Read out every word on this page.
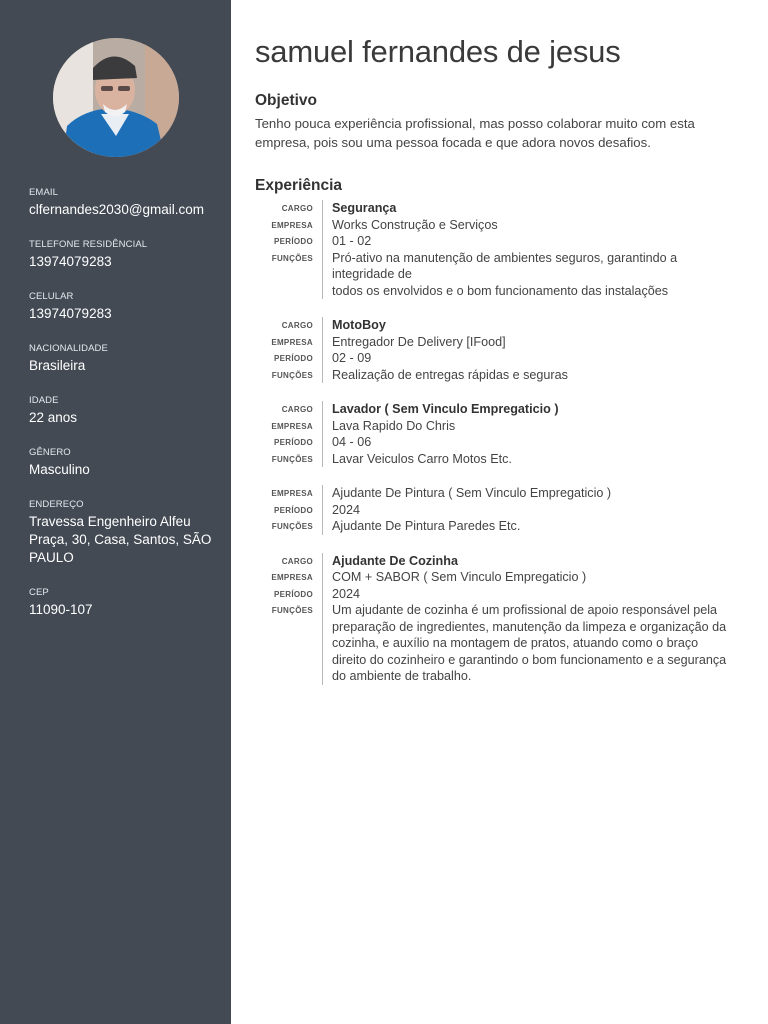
EMAIL
clfernandes2030@gmail.com
TELEFONE RESIDÊNCIAL
13974079283
CELULAR
13974079283
NACIONALIDADE
Brasileira
IDADE
22 anos
GÊNERO
Masculino
ENDEREÇO
Travessa Engenheiro Alfeu Praça, 30, Casa, Santos, SÃO PAULO
CEP
11090-107
samuel fernandes de jesus
Objetivo
Tenho pouca experiência profissional, mas posso colaborar muito com esta empresa, pois sou uma pessoa focada e que adora novos desafios.
Experiência
CARGO
EMPRESA
PERÍODO
FUNÇÕES
Segurança
Works Construção e Serviços
01 - 02
Pró-ativo na manutenção de ambientes seguros, garantindo a integridade de
todos os envolvidos e o bom funcionamento das instalações
CARGO
EMPRESA
PERÍODO
FUNÇÕES
MotoBoy
Entregador De Delivery [IFood]
02 - 09
Realização de entregas rápidas e seguras
CARGO
EMPRESA
PERÍODO
FUNÇÕES
Lavador ( Sem Vinculo Empregaticio )
Lava Rapido Do Chris
04 - 06
Lavar Veiculos Carro Motos Etc.
EMPRESA
PERÍODO
FUNÇÕES
Ajudante De Pintura ( Sem Vinculo Empregaticio )
2024
Ajudante De Pintura Paredes Etc.
CARGO
EMPRESA
PERÍODO
FUNÇÕES
Ajudante De Cozinha
COM + SABOR ( Sem Vinculo Empregaticio )
2024
Um ajudante de cozinha é um profissional de apoio responsável pela preparação de ingredientes, manutenção da limpeza e organização da cozinha, e auxílio na montagem de pratos, atuando como o braço direito do cozinheiro e garantindo o bom funcionamento e a segurança do ambiente de trabalho.
